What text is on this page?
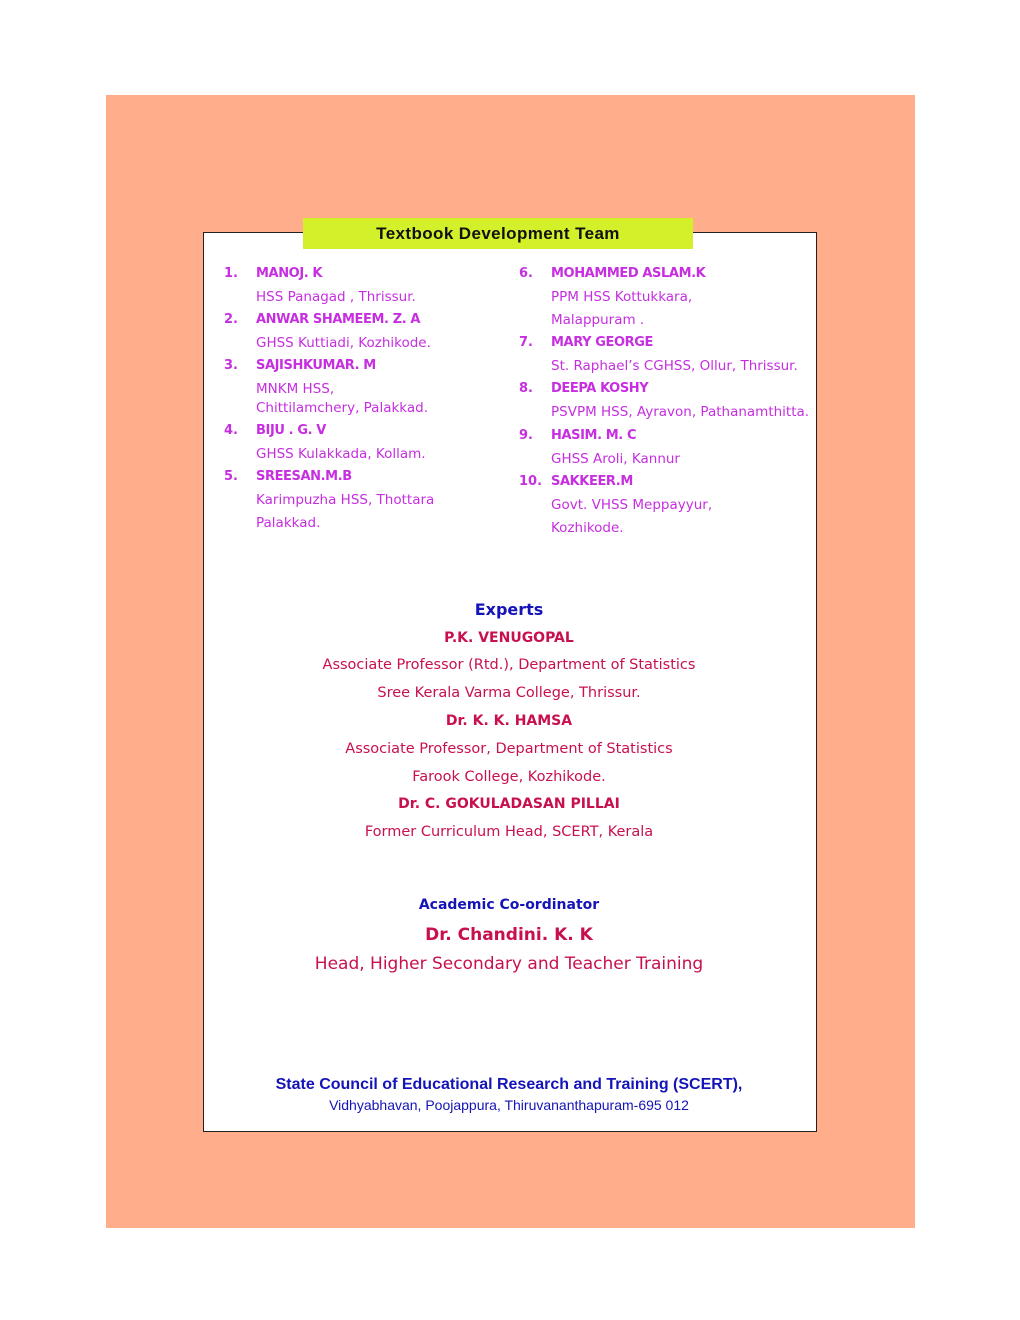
Textbook Development Team
1. MANOJ. K
HSS Panagad , Thrissur.
2. ANWAR SHAMEEM. Z. A
GHSS Kuttiadi, Kozhikode.
3. SAJISHKUMAR. M
MNKM HSS,
Chittilamchery, Palakkad.
4. BIJU . G. V
GHSS Kulakkada, Kollam.
5. SREESAN.M.B
Karimpuzha HSS, Thottara
Palakkad.
6. MOHAMMED ASLAM.K
PPM HSS Kottukkara,
Malappuram .
7. MARY GEORGE
St. Raphael’s CGHSS, Ollur, Thrissur.
8. DEEPA KOSHY
PSVPM HSS, Ayravon, Pathanamthitta.
9. HASIM. M. C
GHSS Aroli, Kannur
10. SAKKEER.M
Govt. VHSS Meppayyur,
Kozhikode.
Experts
P.K. VENUGOPAL
Associate Professor (Rtd.), Department of Statistics
Sree Kerala Varma College, Thrissur.
Dr. K. K. HAMSA
Associate Professor, Department of Statistics
Farook College, Kozhikode.
Dr. C. GOKULADASAN PILLAI
Former Curriculum Head, SCERT, Kerala
Academic Co-ordinator
Dr. Chandini. K. K
Head, Higher Secondary and Teacher Training
State Council of Educational Research and Training (SCERT),
Vidhyabhavan, Poojappura, Thiruvananthapuram-695 012
